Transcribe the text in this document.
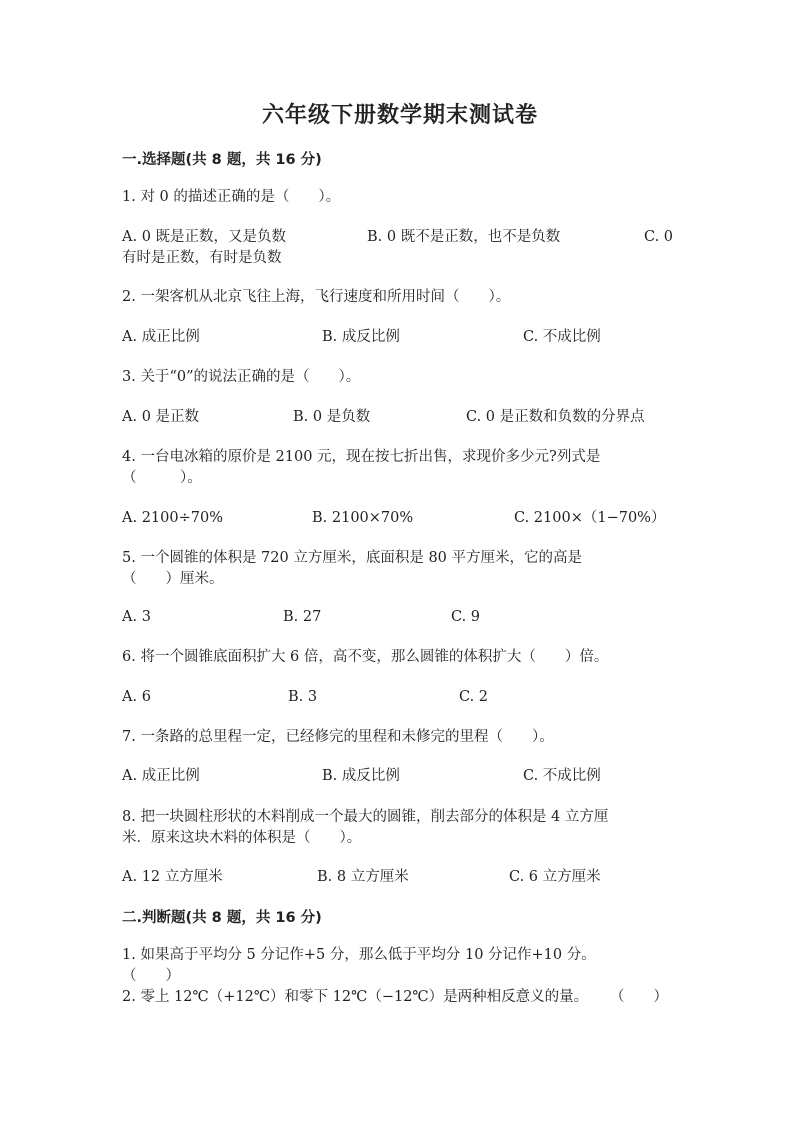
六年级下册数学期末测试卷
一.选择题(共 8 题，共 16 分)
1. 对 0 的描述正确的是（　　）。
A. 0 既是正数，又是负数	B. 0 既不是正数，也不是负数	C. 0
有时是正数，有时是负数
2. 一架客机从北京飞往上海，飞行速度和所用时间（　　）。
A. 成正比例	B. 成反比例	C. 不成比例
3. 关于“0”的说法正确的是（　　）。
A. 0 是正数	B. 0 是负数	C. 0 是正数和负数的分界点
4. 一台电冰箱的原价是 2100 元，现在按七折出售，求现价多少元?列式是
（　　　）。
A. 2100÷70%	B. 2100×70%	C. 2100×（1−70%）
5. 一个圆锥的体积是 720 立方厘米，底面积是 80 平方厘米，它的高是
（　　）厘米。
A. 3	B. 27	C. 9
6. 将一个圆锥底面积扩大 6 倍，高不变，那么圆锥的体积扩大（　　）倍。
A. 6	B. 3	C. 2
7. 一条路的总里程一定，已经修完的里程和未修完的里程（　　）。
A. 成正比例	B. 成反比例	C. 不成比例
8. 把一块圆柱形状的木料削成一个最大的圆锥，削去部分的体积是 4 立方厘
米．原来这块木料的体积是（　　）。
A. 12 立方厘米	B. 8 立方厘米	C. 6 立方厘米
二.判断题(共 8 题，共 16 分)
1. 如果高于平均分 5 分记作+5 分，那么低于平均分 10 分记作+10 分。
（　　）
2. 零上 12℃（+12℃）和零下 12℃（−12℃）是两种相反意义的量。 （　　）
